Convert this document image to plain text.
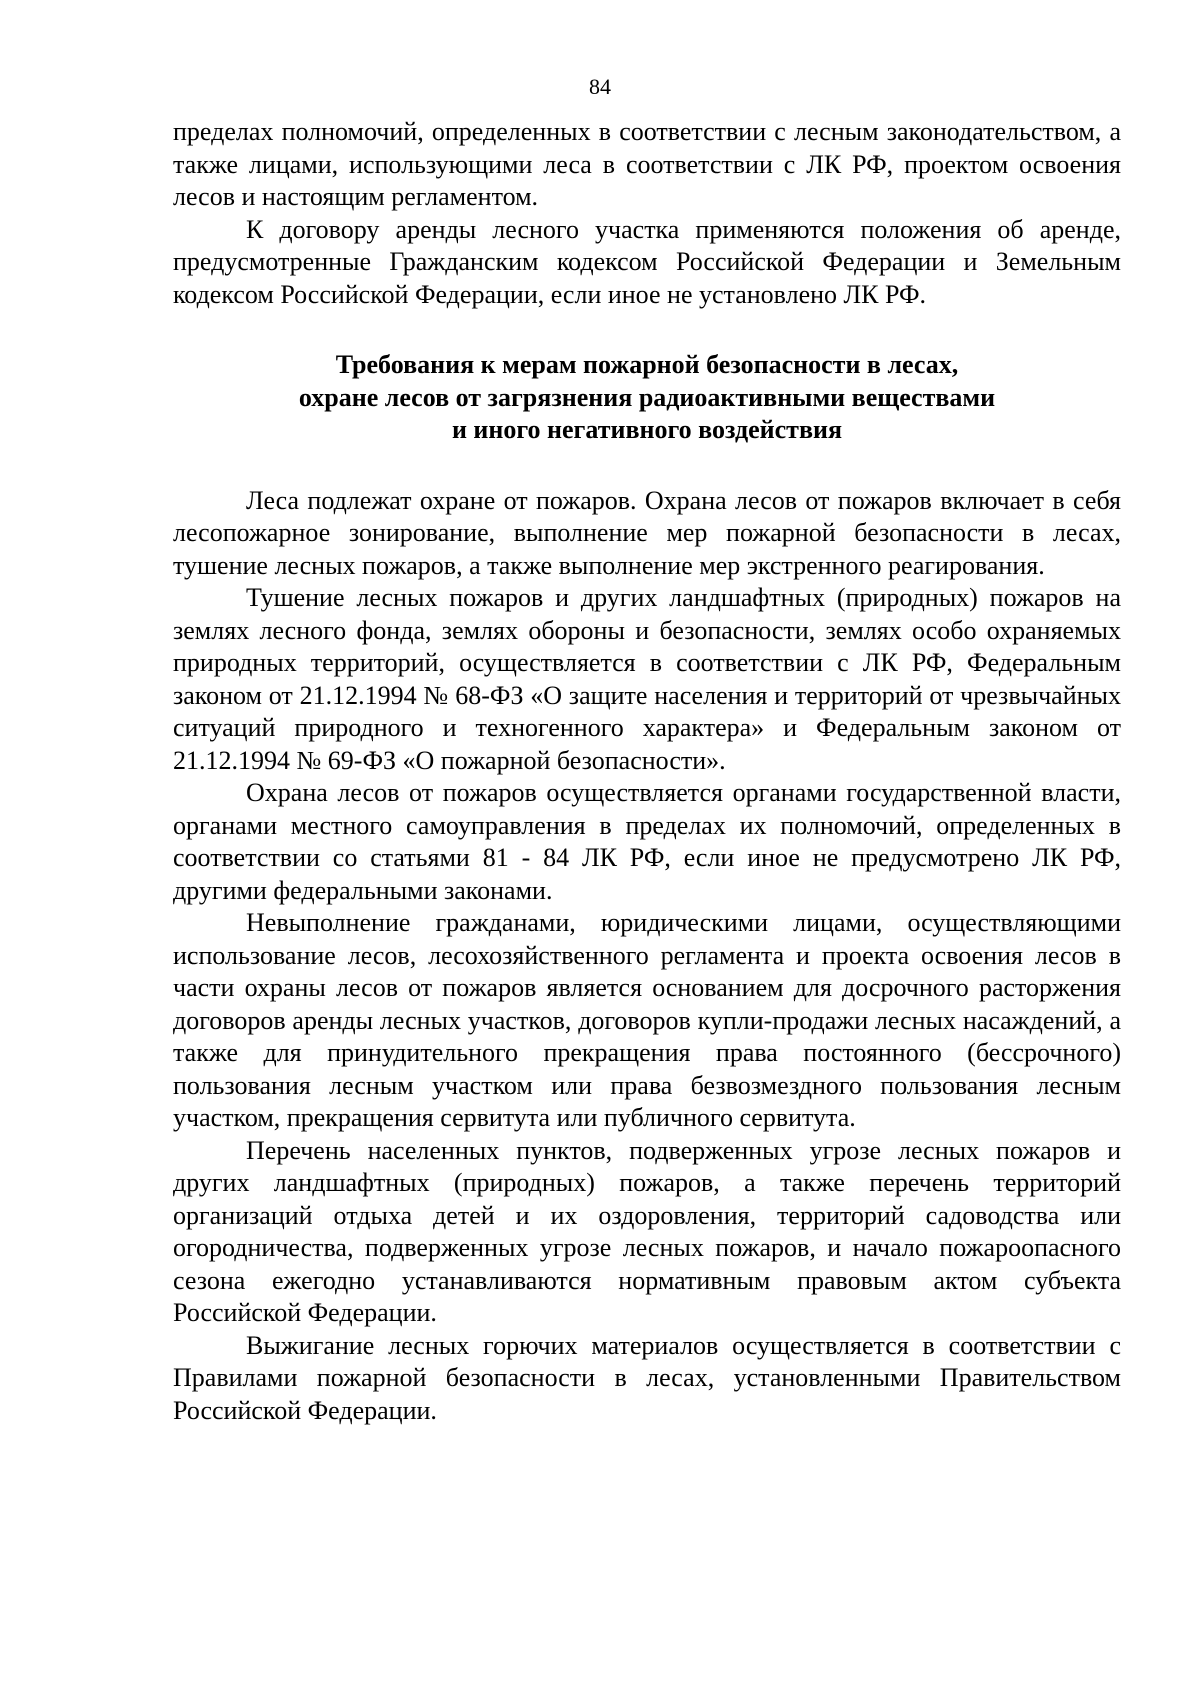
84

пределах полномочий, определенных в соответствии с лесным законодательством, а также лицами, использующими леса в соответствии с ЛК РФ, проектом освоения лесов и настоящим регламентом.

К договору аренды лесного участка применяются положения об аренде, предусмотренные Гражданским кодексом Российской Федерации и Земельным кодексом Российской Федерации, если иное не установлено ЛК РФ.

Требования к мерам пожарной безопасности в лесах,

охране лесов от загрязнения радиоактивными веществами

и иного негативного воздействия

Леса подлежат охране от пожаров. Охрана лесов от пожаров включает в себя лесопожарное зонирование, выполнение мер пожарной безопасности в лесах, тушение лесных пожаров, а также выполнение мер экстренного реагирования.

Тушение лесных пожаров и других ландшафтных (природных) пожаров на землях лесного фонда, землях обороны и безопасности, землях особо охраняемых природных территорий, осуществляется в соответствии с ЛК РФ, Федеральным законом от 21.12.1994 № 68-ФЗ «О защите населения и территорий от чрезвычайных ситуаций природного и техногенного характера» и Федеральным законом от 21.12.1994 № 69-ФЗ «О пожарной безопасности».

Охрана лесов от пожаров осуществляется органами государственной власти, органами местного самоуправления в пределах их полномочий, определенных в соответствии со статьями 81 - 84 ЛК РФ, если иное не предусмотрено ЛК РФ, другими федеральными законами.

Невыполнение гражданами, юридическими лицами, осуществляющими использование лесов, лесохозяйственного регламента и проекта освоения лесов в части охраны лесов от пожаров является основанием для досрочного расторжения договоров аренды лесных участков, договоров купли-продажи лесных насаждений, а также для принудительного прекращения права постоянного (бессрочного) пользования лесным участком или права безвозмездного пользования лесным участком, прекращения сервитута или публичного сервитута.

Перечень населенных пунктов, подверженных угрозе лесных пожаров и других ландшафтных (природных) пожаров, а также перечень территорий организаций отдыха детей и их оздоровления, территорий садоводства или огородничества, подверженных угрозе лесных пожаров, и начало пожароопасного сезона ежегодно устанавливаются нормативным правовым актом субъекта Российской Федерации.

Выжигание лесных горючих материалов осуществляется в соответствии с Правилами пожарной безопасности в лесах, установленными Правительством Российской Федерации.
